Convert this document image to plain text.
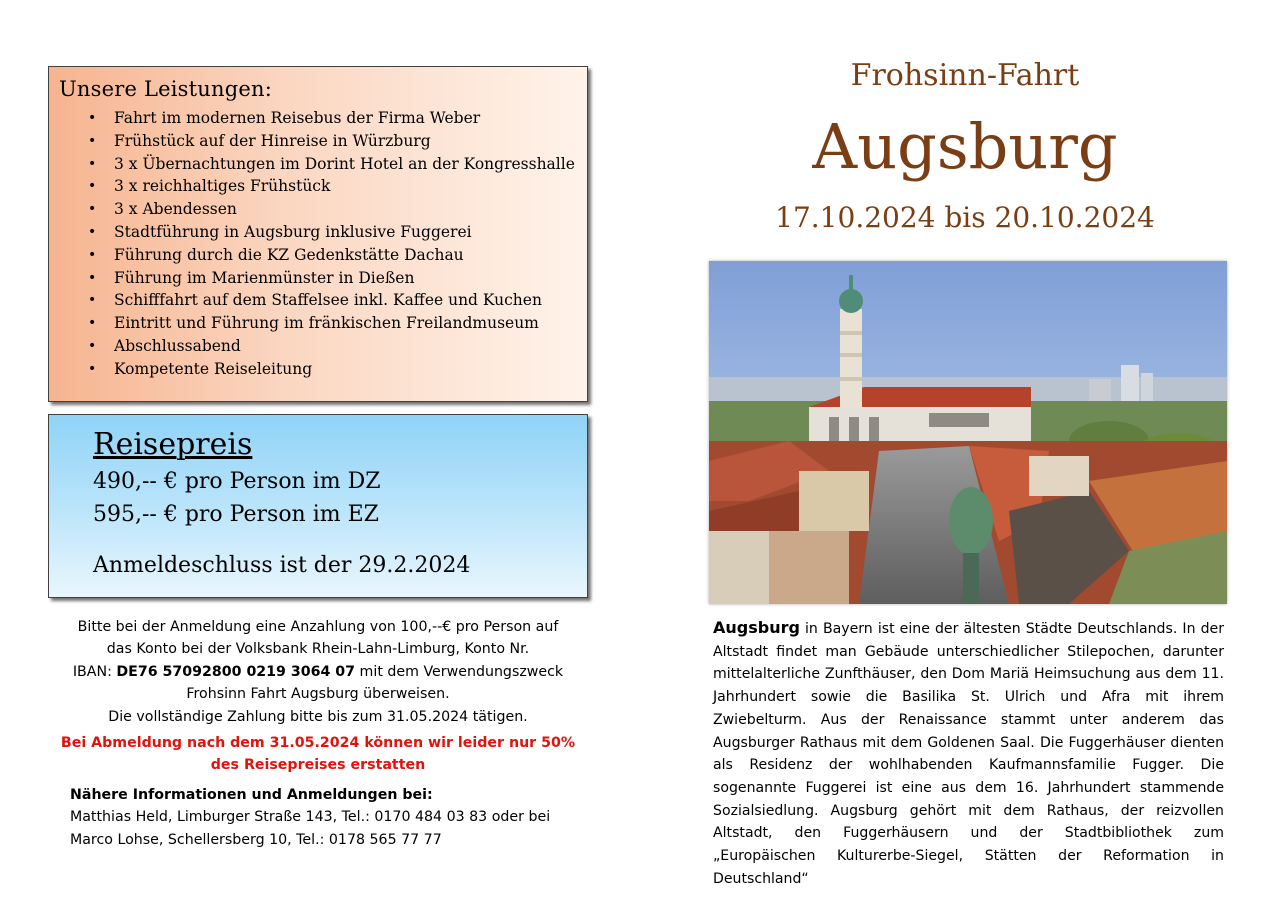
Unsere Leistungen:
• Fahrt im modernen Reisebus der Firma Weber
• Frühstück auf der Hinreise in Würzburg
• 3 x Übernachtungen im Dorint Hotel an der Kongresshalle
• 3 x reichhaltiges Frühstück
• 3 x Abendessen
• Stadtführung in Augsburg inklusive Fuggerei
• Führung durch die KZ Gedenkstätte Dachau
• Führung im Marienmünster in Dießen
• Schifffahrt auf dem Staffelsee inkl. Kaffee und Kuchen
• Eintritt und Führung im fränkischen Freilandmuseum
• Abschlussabend
• Kompetente Reiseleitung
Reisepreis
490,-- € pro Person im DZ
595,-- € pro Person im EZ
Anmeldeschluss ist der 29.2.2024
Bitte bei der Anmeldung eine Anzahlung von 100,--€ pro Person auf
das Konto bei der Volksbank Rhein-Lahn-Limburg, Konto Nr.
IBAN: DE76 57092800 0219 3064 07 mit dem Verwendungszweck
Frohsinn Fahrt Augsburg überweisen.
Die vollständige Zahlung bitte bis zum 31.05.2024 tätigen.
Bei Abmeldung nach dem 31.05.2024 können wir leider nur 50%
des Reisepreises erstatten
Nähere Informationen und Anmeldungen bei:
Matthias Held, Limburger Straße 143, Tel.: 0170 484 03 83 oder bei
Marco Lohse, Schellersberg 10, Tel.: 0178 565 77 77
Frohsinn-Fahrt
Augsburg
17.10.2024 bis 20.10.2024
Augsburg in Bayern ist eine der ältesten Städte Deutschlands. In der Altstadt findet man Gebäude unterschiedlicher Stilepochen, darunter mittelalterliche Zunfthäuser, den Dom Mariä Heimsuchung aus dem 11. Jahrhundert sowie die Basilika St. Ulrich und Afra mit ihrem Zwiebelturm. Aus der Renaissance stammt unter anderem das Augsburger Rathaus mit dem Goldenen Saal. Die Fuggerhäuser dienten als Residenz der wohlhabenden Kaufmannsfamilie Fugger. Die sogenannte Fuggerei ist eine aus dem 16. Jahrhundert stammende Sozialsiedlung. Augsburg gehört mit dem Rathaus, der reizvollen Altstadt, den Fuggerhäusern und der Stadtbibliothek zum „Europäischen Kulturerbe-Siegel, Stätten der Reformation in Deutschland“
